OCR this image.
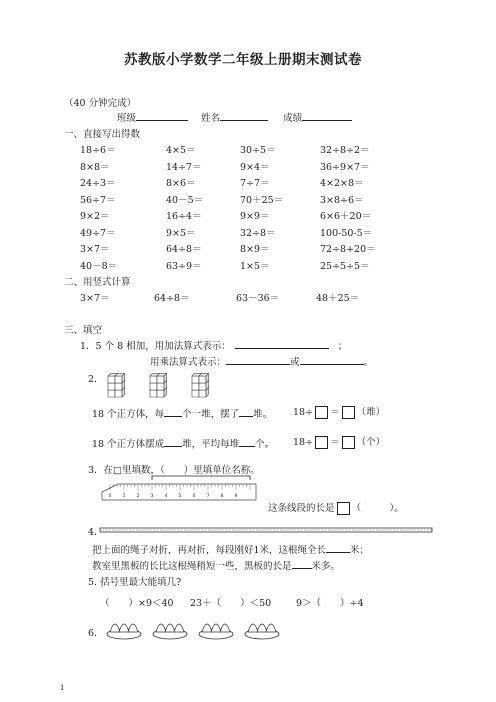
苏教版小学数学二年级上册期末测试卷
（40 分钟完成）
班级	姓名	成绩
一、直接写出得数
18÷6＝	4×5＝	30÷5＝	32÷8÷2＝
8×8＝	14÷7＝	9×4＝	36÷9×7＝
24÷3＝	8×6＝	7÷7＝	4×2×8＝
56÷7＝	40－5＝	70＋25＝	3×8÷6＝
9×2＝	16÷4＝	9×9＝	6×6＋20＝
49÷7＝	9×5＝	32÷8＝	100-50-5＝
3×7＝	64÷8＝	8×9＝	72÷8+20＝
40－8＝	63÷9＝	1×5＝	25÷5÷5＝
二、用竖式计算
3×7＝	64÷8＝	63－36＝	48＋25＝
三、填空
1．5 个 8 相加，用加法算式表示：	；
用乘法算式表示：	或	。
2．
18 个正方体，每 个一堆，摆了 堆。 18÷ ＝ （堆）
18 个正方体摆成 堆，平均每堆 个。 18÷ ＝ （个）
3．在□里填数，（　　）里填单位名称。
0 1 2 3 4 5 6 7 8 9
这条线段的长是 （　　　）。
4．
把上面的绳子对折，再对折，每段刚好1米，这根绳全长	米；
教室里黑板的长比这根绳稍短一些，黑板的长是 米多。
5. 括号里最大能填几?
（　　）×9＜40 23＋（　　）＜50	9＞（　　）÷4
6.
1
